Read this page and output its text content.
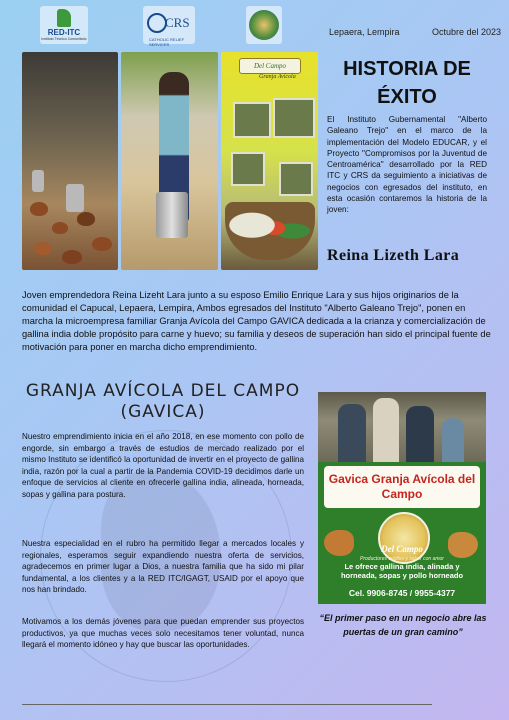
RED-ITC
Instituto Técnico Comunitario
CRS
CATHOLIC RELIEF SERVICES
Lepaera, Lempira	Octubre del 2023
Del Campo
Granja Avícola	HISTORIA DE ÉXITO
El Instituto Gubernamental "Alberto Galeano Trejo" en el marco de la implementación del Modelo EDUCAR, y el Proyecto "Compromisos por la Juventud de Centroamérica" desarrollado por la RED ITC y CRS da seguimiento a iniciativas de negocios con egresados del instituto, en esta ocasión contaremos la historia de la joven:
Reina Lizeth Lara
Joven emprendedora Reina Lizeht Lara junto a su esposo Emilio Enrique Lara y sus hijos originarios de la comunidad el Capucal, Lepaera, Lempira, Ambos egresados del Instituto "Alberto Galeano Trejo", ponen en marcha la microempresa familiar Granja Avícola del Campo GAVICA dedicada a la crianza y comercialización de gallina india doble propósito para carne y huevo; su familia y deseos de superación han sido el principal fuente de motivación para poner en marcha dicho emprendimiento.
GRANJA AVÍCOLA DEL CAMPO (GAVICA)
Nuestro emprendimiento inicia en el año 2018, en ese momento con pollo de engorde, sin embargo a través de estudios de mercado realizado por el mismo Instituto se identificó la oportunidad de invertir en el proyecto de gallina india, razón por la cual a partir de la Pandemia COVID-19 decidimos darle un enfoque de servicios al cliente en ofrecerle gallina india, alineada, horneada, sopas y gallina para postura.
Nuestra especialidad en el rubro ha permitido llegar a mercados locales y regionales, esperamos seguir expandiendo nuestra oferta de servicios, agradecemos en primer lugar a Dios, a nuestra familia que ha sido mi pilar fundamental, a los clientes y a la RED ITC/IGAGT, USAID por el apoyo que nos han brindado.
Motivamos a los demás jóvenes para que puedan emprender sus proyectos productivos, ya que muchas veces solo necesitamos tener voluntad, nunca llegará el momento idóneo y hay que buscar las oportunidades.
Gavica Granja Avícola del Campo
Del Campo
Productores criollos y sabor con amor
Le ofrece gallina india, alinada y horneada, sopas y pollo horneado
Cel. 9906-8745 / 9955-4377
“El primer paso en un negocio abre las puertas de un gran camino”
